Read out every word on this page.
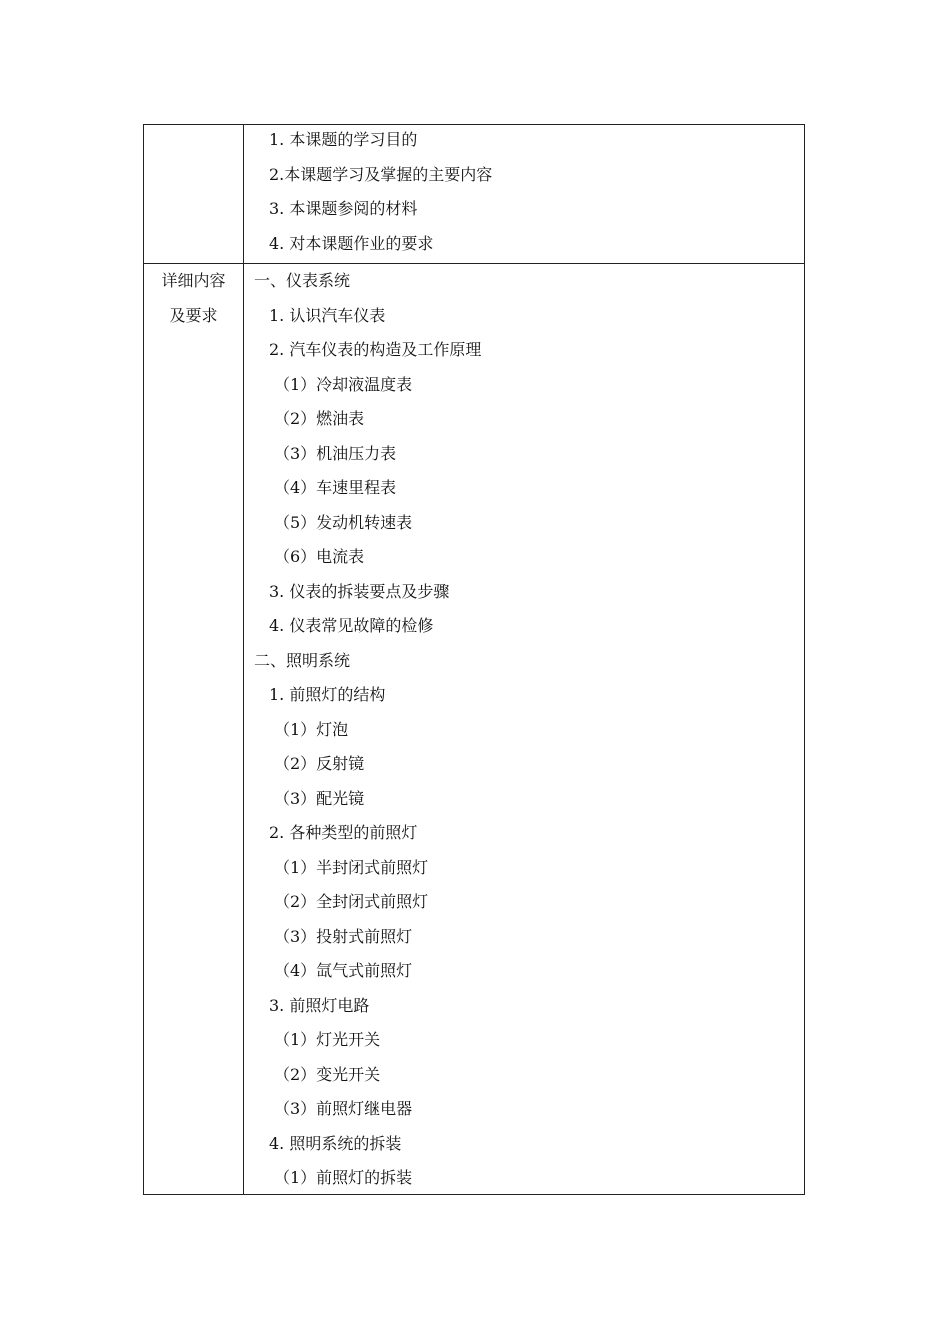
1. 本课题的学习目的
2.本课题学习及掌握的主要内容
3. 本课题参阅的材料
4. 对本课题作业的要求
详细内容
及要求
一、仪表系统
1. 认识汽车仪表
2. 汽车仪表的构造及工作原理
（1）冷却液温度表
（2）燃油表
（3）机油压力表
（4）车速里程表
（5）发动机转速表
（6）电流表
3. 仪表的拆装要点及步骤
4. 仪表常见故障的检修
二、照明系统
1. 前照灯的结构
（1）灯泡
（2）反射镜
（3）配光镜
2. 各种类型的前照灯
（1）半封闭式前照灯
（2）全封闭式前照灯
（3）投射式前照灯
（4）氙气式前照灯
3. 前照灯电路
（1）灯光开关
（2）变光开关
（3）前照灯继电器
4. 照明系统的拆装
（1）前照灯的拆装
